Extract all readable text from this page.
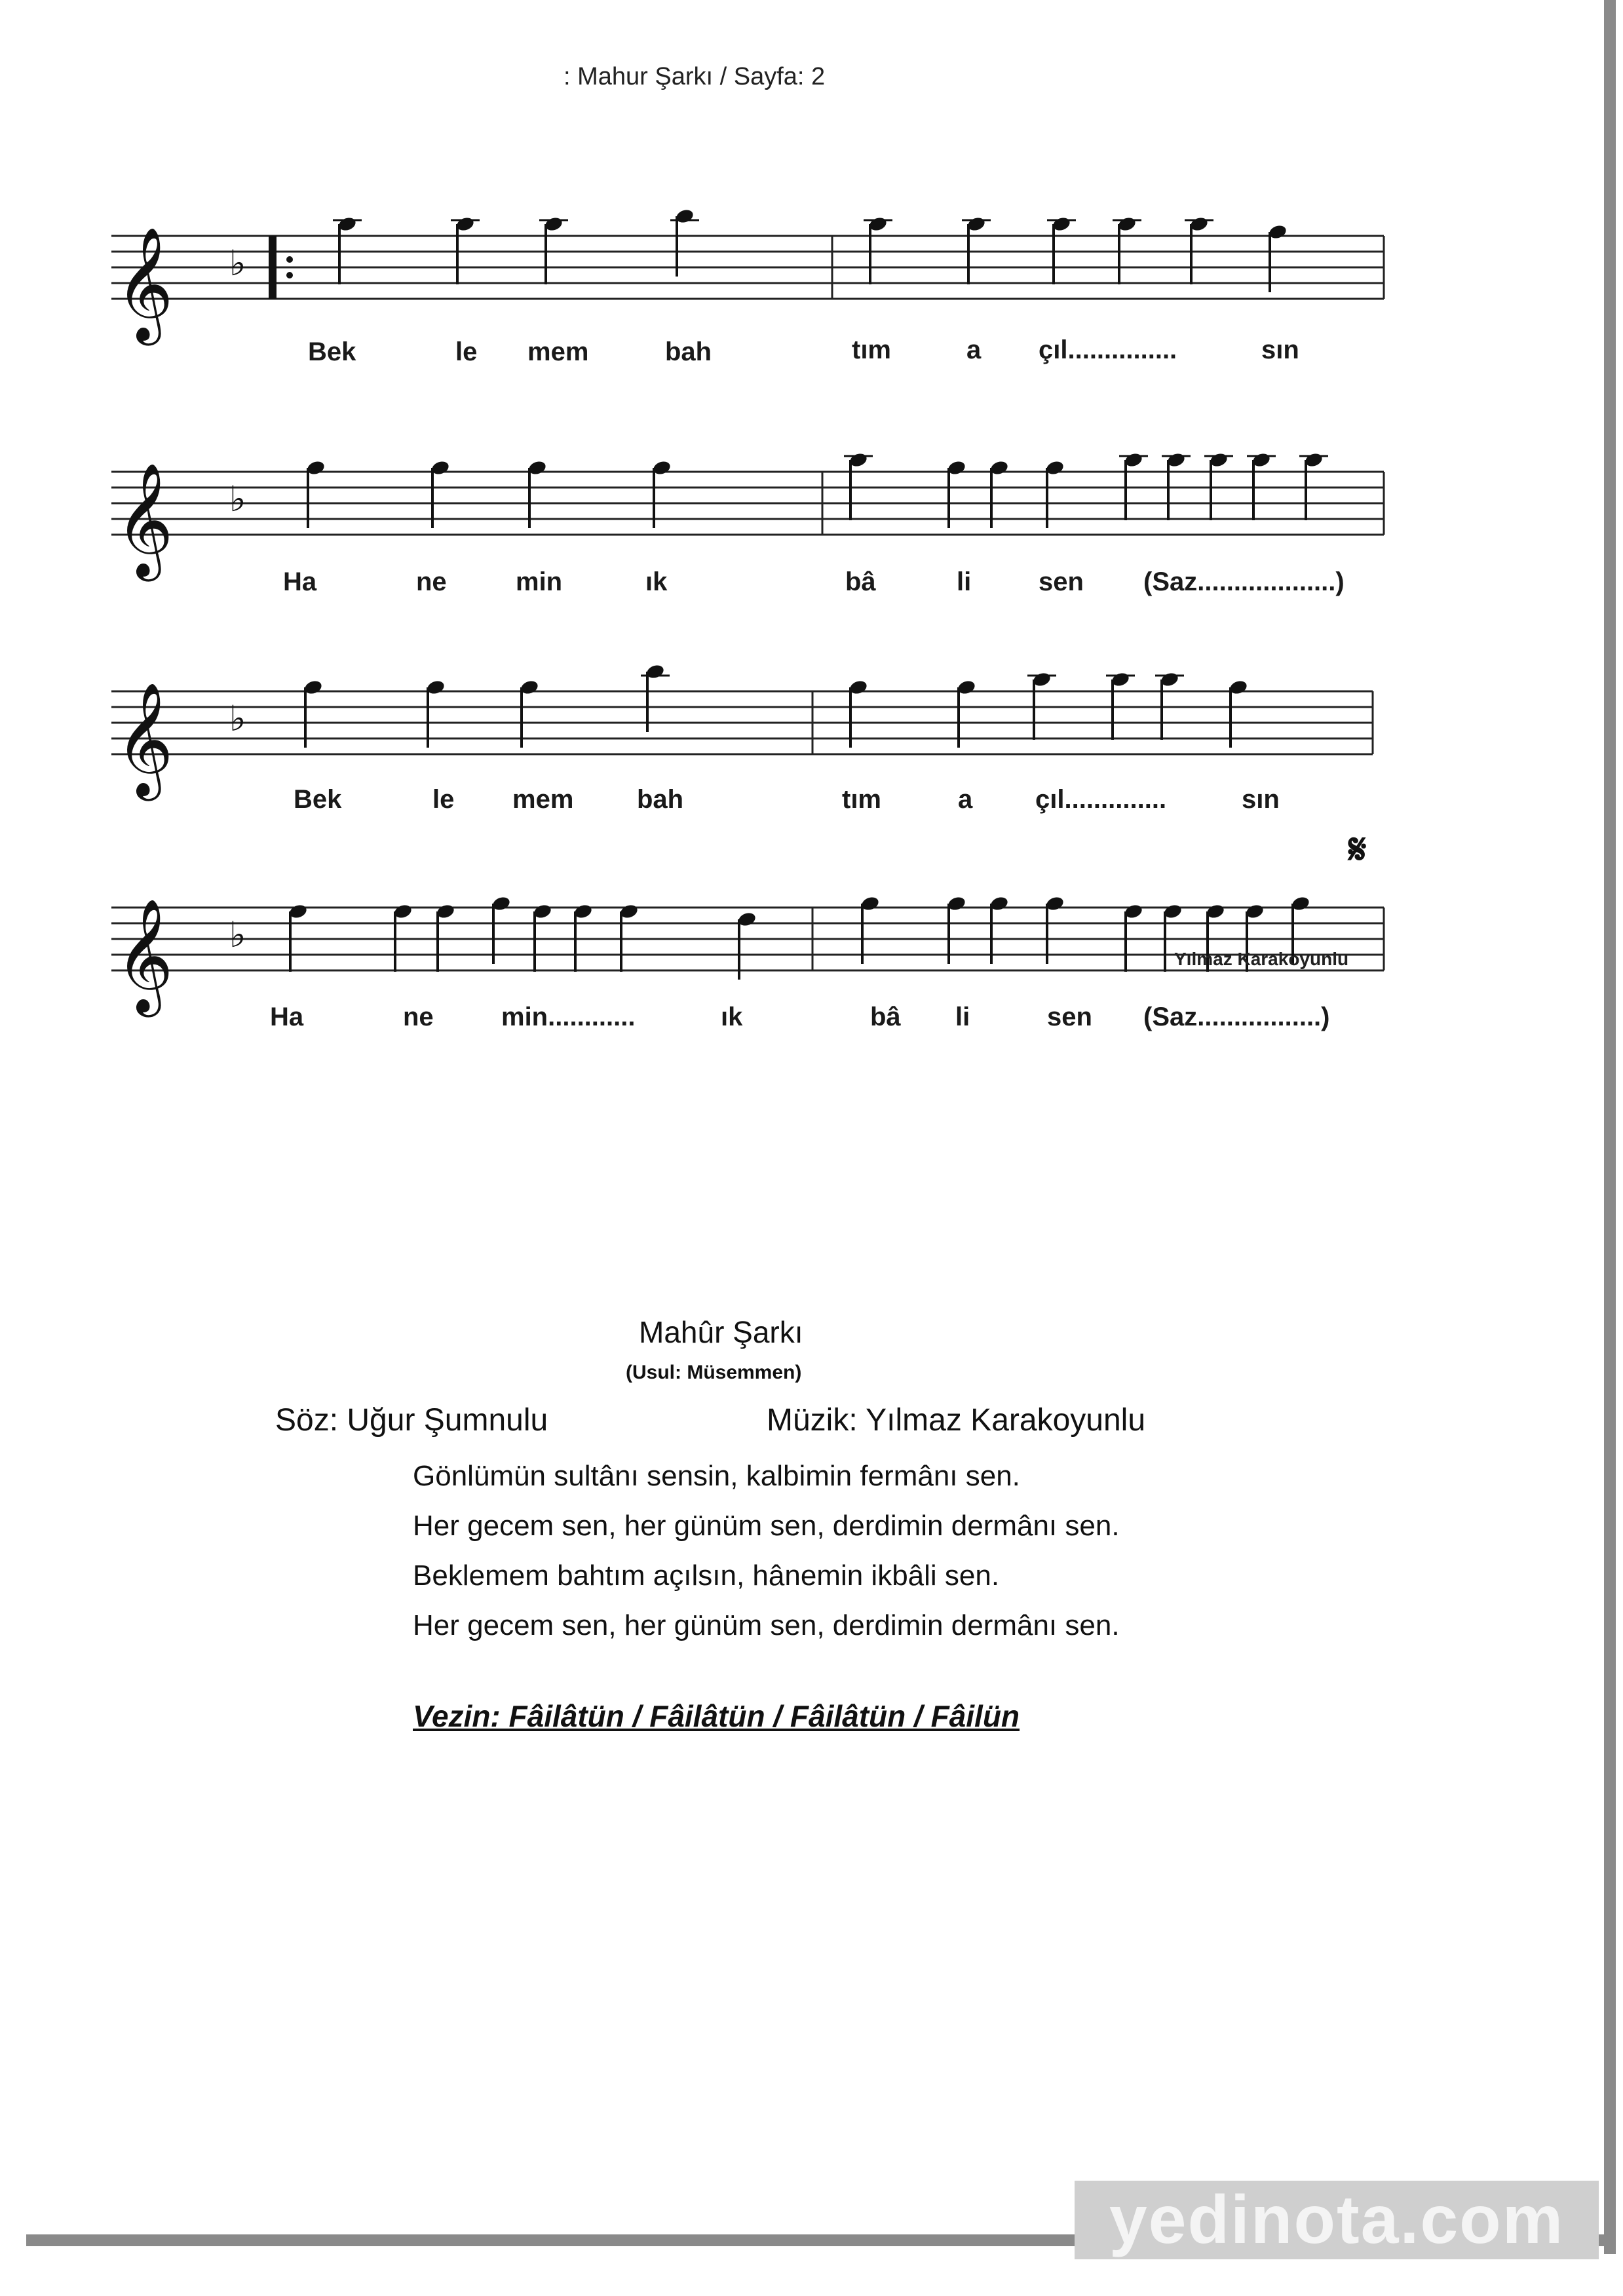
: Mahur Şarkı / Sayfa: 2
𝄞 ♭
𝄞 ♭
𝄞 ♭
𝄞 ♭
𝄋
Bek	le mem	bah	tım	a çıl...............	sın
Ha	ne	min	ık	bâ	li	sen (Saz...................)
Bek	le mem bah	tım	a çıl..............	sın
Ha	ne	min............	ık	bâ li	sen (Saz.................)
Yılmaz Karakoyunlu
Mahûr Şarkı
(Usul: Müsemmen)
Söz: Uğur Şumnulu	Müzik: Yılmaz Karakoyunlu
Gönlümün sultânı sensin, kalbimin fermânı sen.
Her gecem sen, her günüm sen, derdimin dermânı sen.
Beklemem bahtım açılsın, hânemin ikbâli sen.
Her gecem sen, her günüm sen, derdimin dermânı sen.
Vezin: Fâilâtün / Fâilâtün / Fâilâtün / Fâilün
yedinota.com
